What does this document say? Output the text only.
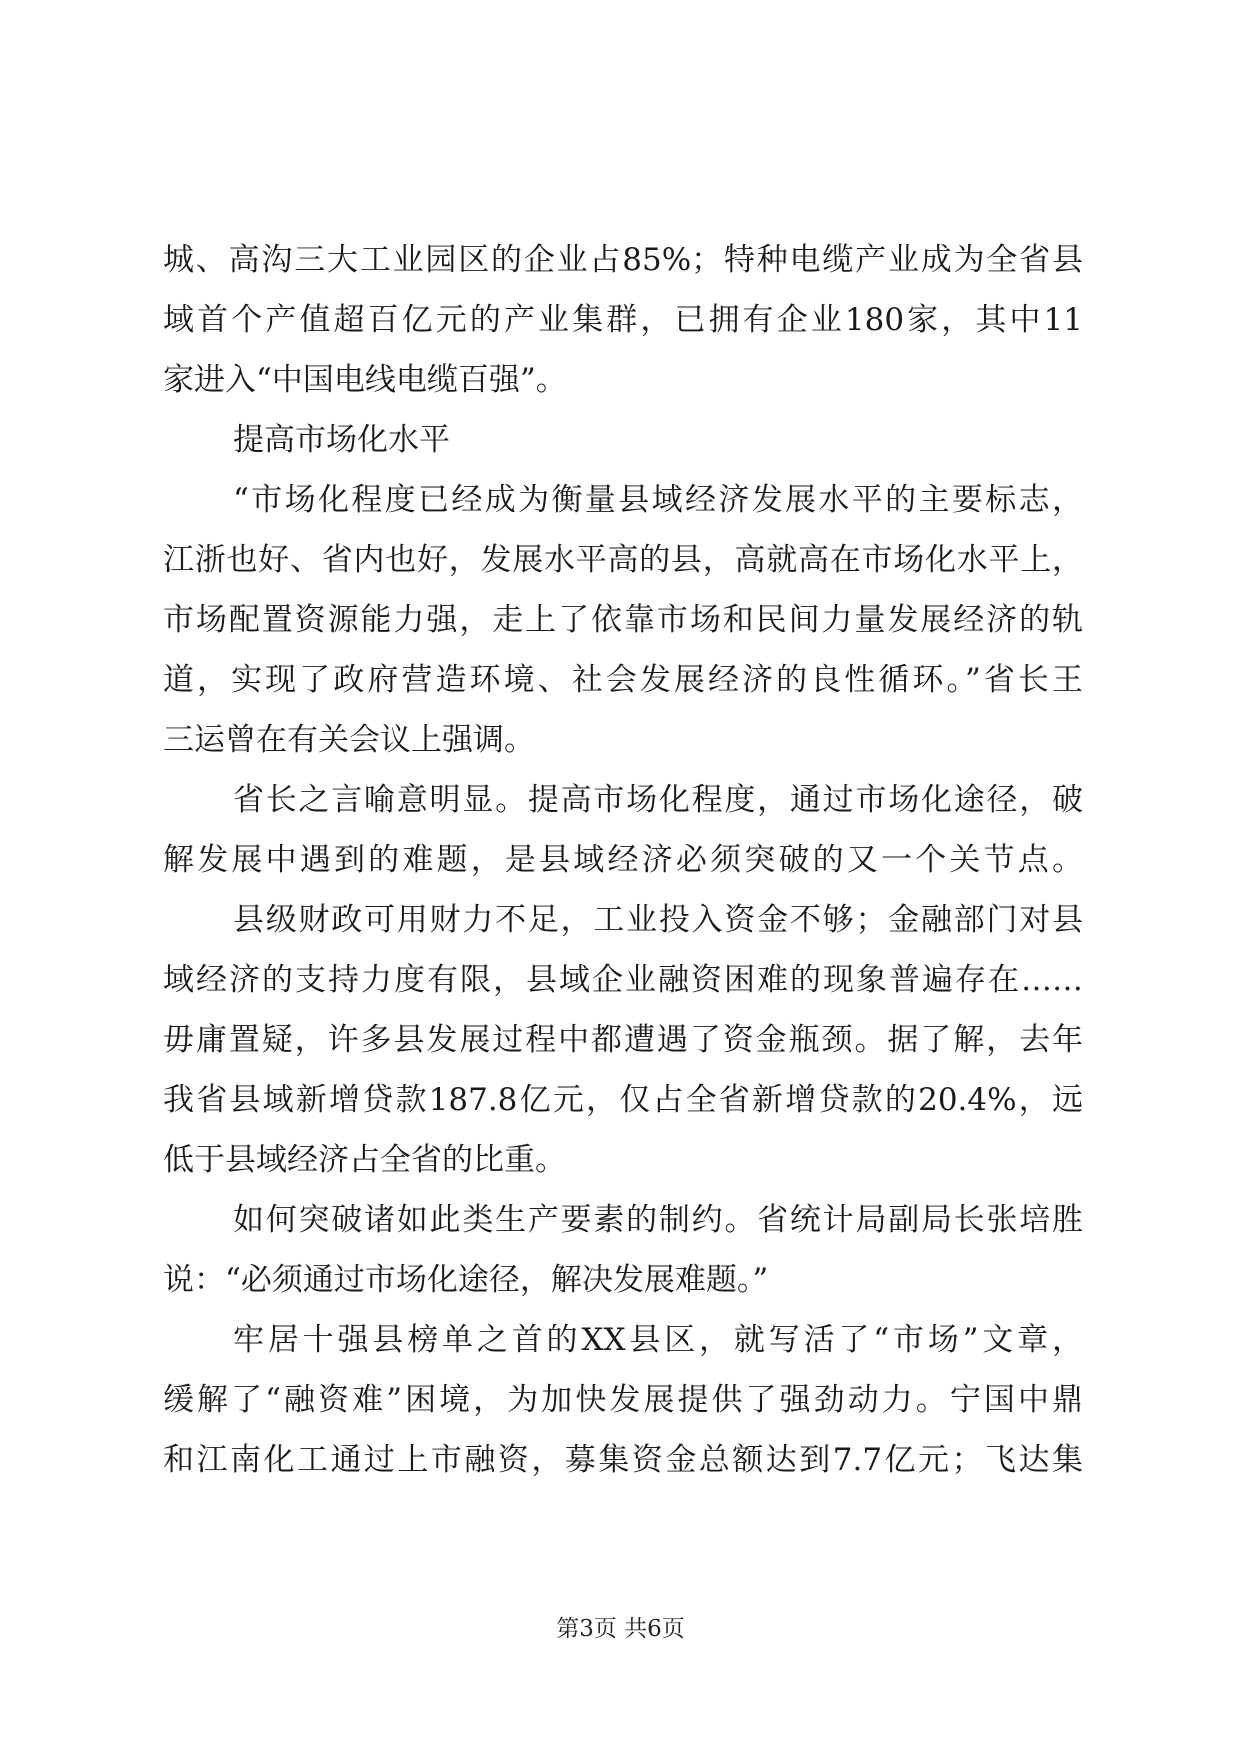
城、高沟三大工业园区的企业占85%；特种电缆产业成为全省县
域首个产值超百亿元的产业集群，已拥有企业180家，其中11
家进入“中国电线电缆百强”。
提高市场化水平
“市场化程度已经成为衡量县域经济发展水平的主要标志，
江浙也好、省内也好，发展水平高的县，高就高在市场化水平上，
市场配置资源能力强，走上了依靠市场和民间力量发展经济的轨
道，实现了政府营造环境、社会发展经济的良性循环。”省长王
三运曾在有关会议上强调。
省长之言喻意明显。提高市场化程度，通过市场化途径，破
解发展中遇到的难题，是县域经济必须突破的又一个关节点。
县级财政可用财力不足，工业投入资金不够；金融部门对县
域经济的支持力度有限，县域企业融资困难的现象普遍存在……
毋庸置疑，许多县发展过程中都遭遇了资金瓶颈。据了解，去年
我省县域新增贷款187.8亿元，仅占全省新增贷款的20.4%，远
低于县域经济占全省的比重。
如何突破诸如此类生产要素的制约。省统计局副局长张培胜
说：“必须通过市场化途径，解决发展难题。”
牢居十强县榜单之首的XX县区，就写活了“市场”文章，
缓解了“融资难”困境，为加快发展提供了强劲动力。宁国中鼎
和江南化工通过上市融资，募集资金总额达到7.7亿元；飞达集
第3页 共6页
